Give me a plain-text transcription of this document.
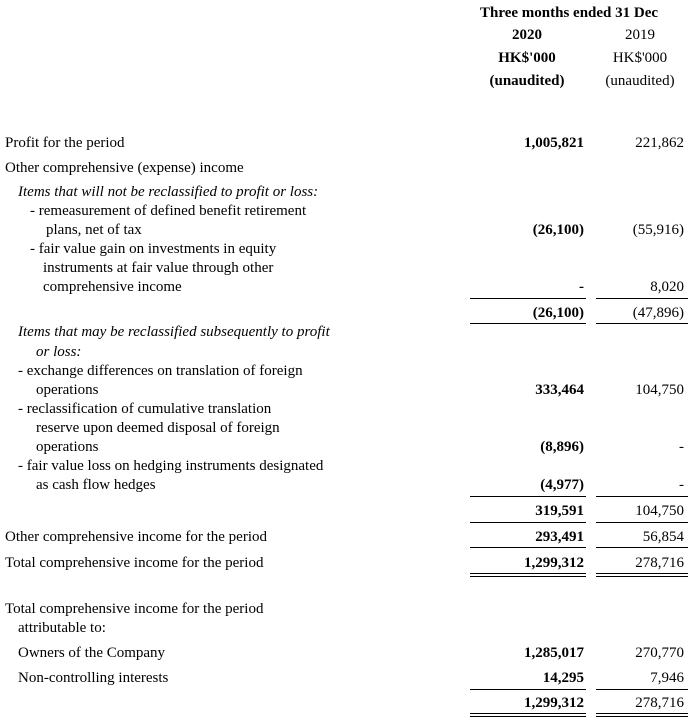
Three months ended 31 Dec
2020	2019
HK$'000	HK$'000
(unaudited)	(unaudited)
Profit for the period	1,005,821	221,862
Other comprehensive (expense) income
Items that will not be reclassified to profit or loss:
- remeasurement of defined benefit retirement
plans, net of tax	(26,100)	(55,916)
- fair value gain on investments in equity
instruments at fair value through other
comprehensive income	-	8,020
(26,100)	(47,896)
Items that may be reclassified subsequently to profit
or loss:
- exchange differences on translation of foreign
operations	333,464	104,750
- reclassification of cumulative translation
reserve upon deemed disposal of foreign
operations	(8,896)	-
- fair value loss on hedging instruments designated
as cash flow hedges	(4,977)	-
319,591	104,750
Other comprehensive income for the period	293,491	56,854
Total comprehensive income for the period	1,299,312	278,716
Total comprehensive income for the period
attributable to:
Owners of the Company	1,285,017	270,770
Non-controlling interests	14,295	7,946
1,299,312	278,716
